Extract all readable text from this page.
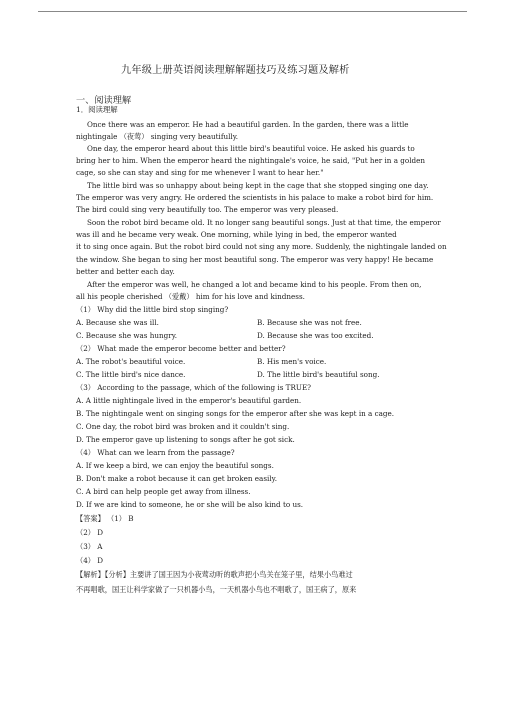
九年级上册英语阅读理解解题技巧及练习题及解析
一、阅读理解
1．阅读理解
Once there was an emperor. He had a beautiful garden. In the garden, there was a little
nightingale （夜莺） singing very beautifully.
One day, the emperor heard about this little bird's beautiful voice. He asked his guards to
bring her to him. When the emperor heard the nightingale's voice, he said, "Put her in a golden
cage, so she can stay and sing for me whenever I want to hear her."
The little bird was so unhappy about being kept in the cage that she stopped singing one day.
The emperor was very angry. He ordered the scientists in his palace to make a robot bird for him.
The bird could sing very beautifully too. The emperor was very pleased.
Soon the robot bird became old. It no longer sang beautiful songs. Just at that time, the emperor
was ill and he became very weak. One morning, while lying in bed, the emperor wanted
it to sing once again. But the robot bird could not sing any more. Suddenly, the nightingale landed on
the window. She began to sing her most beautiful song. The emperor was very happy! He became
better and better each day.
After the emperor was well, he changed a lot and became kind to his people. From then on,
all his people cherished （爱戴） him for his love and kindness.
（1） Why did the little bird stop singing?
A. Because she was ill.	B. Because she was not free.
C. Because she was hungry.	D. Because she was too excited.
（2） What made the emperor become better and better?
A. The robot's beautiful voice.	B. His men's voice.
C. The little bird's nice dance.	D. The little bird's beautiful song.
（3） According to the passage, which of the following is TRUE?
A. A little nightingale lived in the emperor's beautiful garden.
B. The nightingale went on singing songs for the emperor after she was kept in a cage.
C. One day, the robot bird was broken and it couldn't sing.
D. The emperor gave up listening to songs after he got sick.
（4） What can we learn from the passage?
A. If we keep a bird, we can enjoy the beautiful songs.
B. Don't make a robot because it can get broken easily.
C. A bird can help people get away from illness.
D. If we are kind to someone, he or she will be also kind to us.
【答案】 （1） B
（2） D
（3） A
（4） D
【解析】【分析】主要讲了国王因为小夜莺动听的歌声把小鸟关在笼子里，结果小鸟难过
不再唱歌，国王让科学家做了一只机器小鸟，一天机器小鸟也不唱歌了，国王病了，原来
